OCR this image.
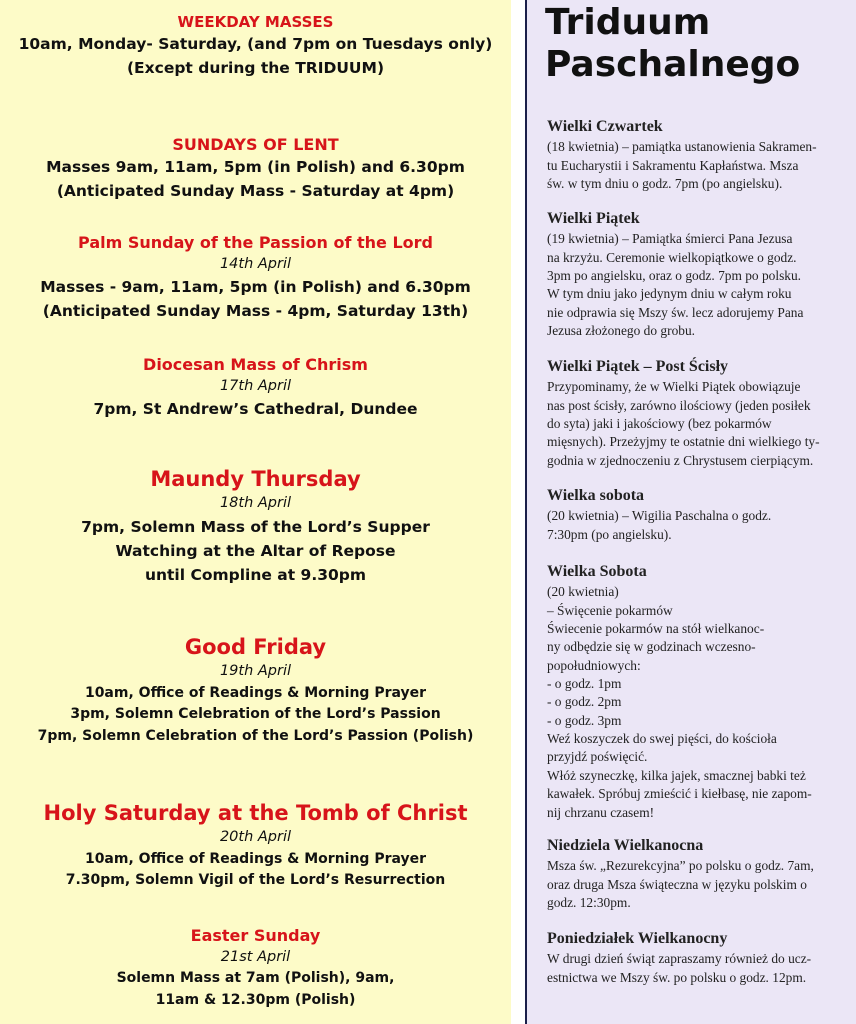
WEEKDAY MASSES

10am, Monday- Saturday, (and 7pm on Tuesdays only)

(Except during the TRIDUUM)

SUNDAYS OF LENT

Masses 9am, 11am, 5pm (in Polish) and 6.30pm

(Anticipated Sunday Mass - Saturday at 4pm)

Palm Sunday of the Passion of the Lord

14th April

Masses - 9am, 11am, 5pm (in Polish) and 6.30pm

(Anticipated Sunday Mass - 4pm, Saturday 13th)

Diocesan Mass of Chrism

17th April

7pm, St Andrew’s Cathedral, Dundee

Maundy Thursday

18th April

7pm, Solemn Mass of the Lord’s Supper

Watching at the Altar of Repose

until Compline at 9.30pm

Good Friday

19th April

10am, Office of Readings & Morning Prayer

3pm, Solemn Celebration of the Lord’s Passion

7pm, Solemn Celebration of the Lord’s Passion (Polish)

Holy Saturday at the Tomb of Christ

20th April

10am, Office of Readings & Morning Prayer

7.30pm, Solemn Vigil of the Lord’s Resurrection

Easter Sunday

21st April

Solemn Mass at 7am (Polish), 9am,

11am & 12.30pm (Polish)

Triduum
Paschalnego

Wielki Czwartek

(18 kwietnia) – pamiątka ustanowienia Sakramen-
tu Eucharystii i Sakramentu Kapłaństwa. Msza
św. w tym dniu o godz. 7pm (po angielsku).

Wielki Piątek

(19 kwietnia) – Pamiątka śmierci Pana Jezusa
na krzyżu. Ceremonie wielkopiątkowe o godz.
3pm po angielsku, oraz o godz. 7pm po polsku.
W tym dniu jako jedynym dniu w całym roku
nie odprawia się Mszy św. lecz adorujemy Pana
Jezusa złożonego do grobu.

Wielki Piątek – Post Ścisły

Przypominamy, że w Wielki Piątek obowiązuje
nas post ścisły, zarówno ilościowy (jeden posiłek
do syta) jaki i jakościowy (bez pokarmów
mięsnych). Przeżyjmy te ostatnie dni wielkiego ty-
godnia w zjednoczeniu z Chrystusem cierpiącym.

Wielka sobota

(20 kwietnia) – Wigilia Paschalna o godz.
7:30pm (po angielsku).

Wielka Sobota

(20 kwietnia)
– Święcenie pokarmów
Świecenie pokarmów na stół wielkanoc-
ny odbędzie się w godzinach wczesno-
popołudniowych:
- o godz. 1pm
- o godz. 2pm
- o godz. 3pm
Weź koszyczek do swej pięści, do kościoła
przyjdź poświęcić.
Włóż szyneczkę, kilka jajek, smacznej babki też
kawałek. Spróbuj zmieścić i kiełbasę, nie zapom-
nij chrzanu czasem!

Niedziela Wielkanocna

Msza św. „Rezurekcyjna” po polsku o godz. 7am,
oraz druga Msza świąteczna w języku polskim o
godz. 12:30pm.

Poniedziałek Wielkanocny

W drugi dzień świąt zapraszamy również do ucz-
estnictwa we Mszy św. po polsku o godz. 12pm.
